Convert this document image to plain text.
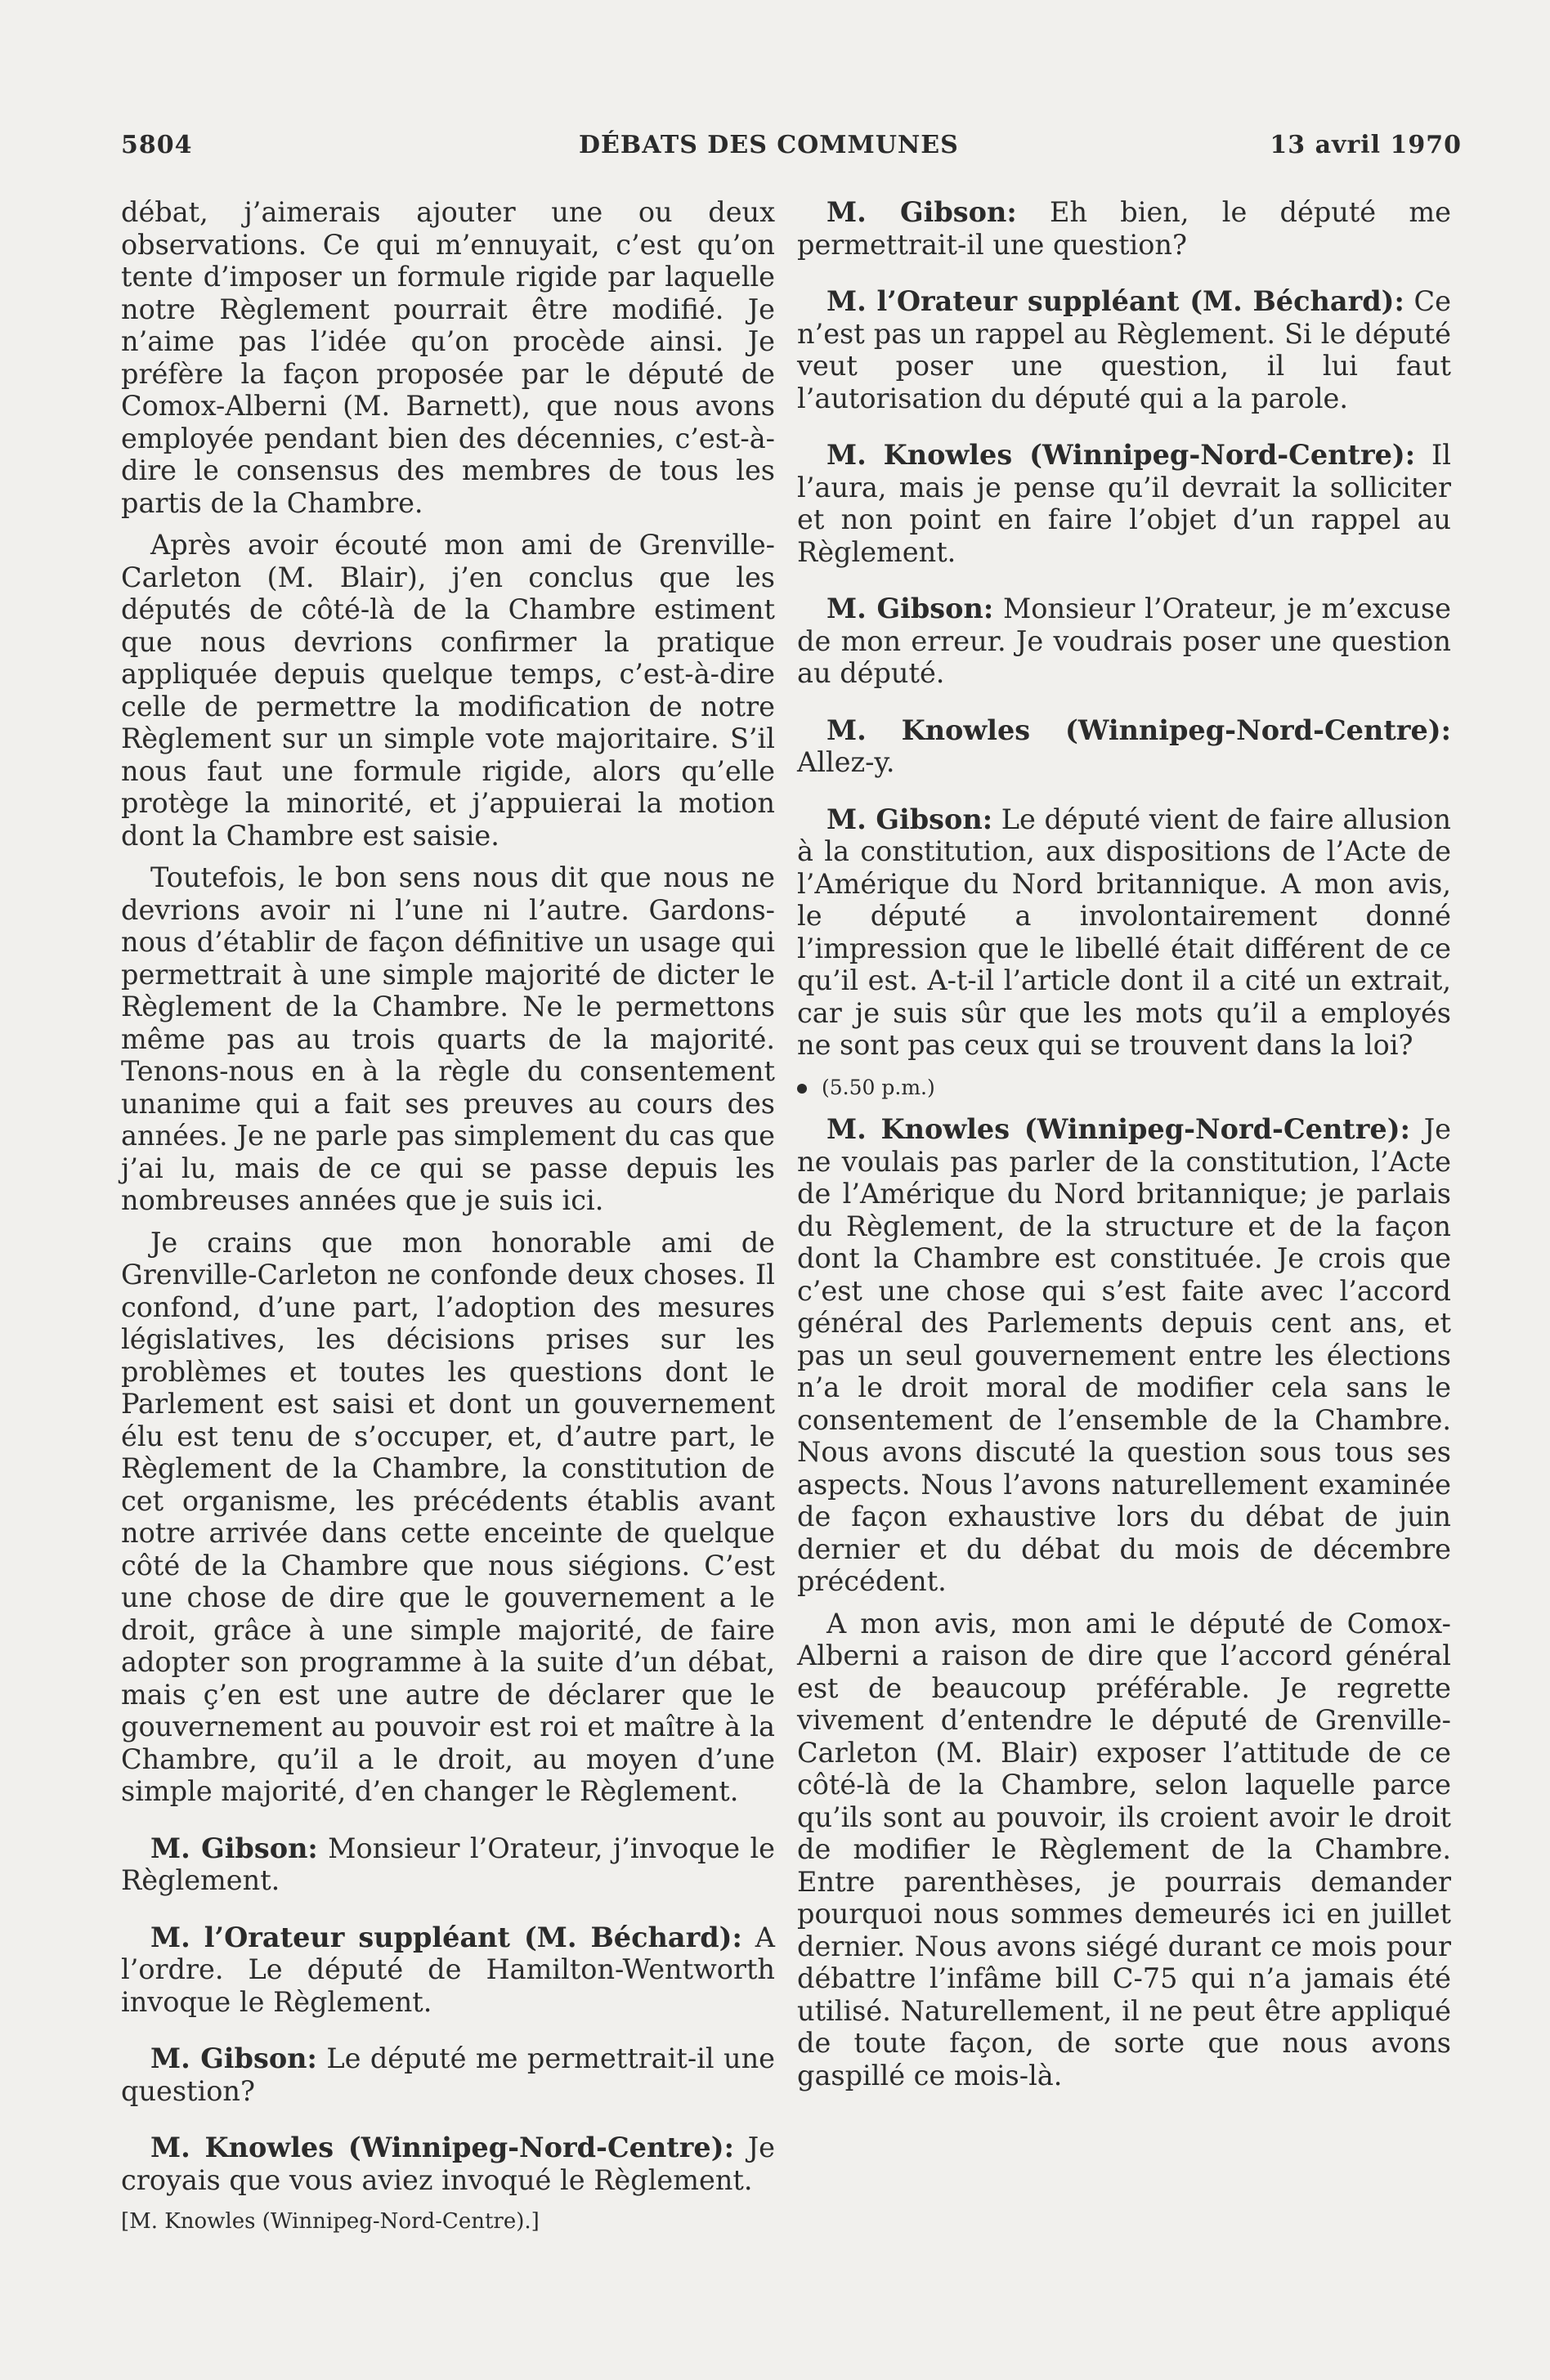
5804	DÉBATS DES COMMUNES	13 avril 1970

débat, j’aimerais ajouter une ou deux observations. Ce qui m’ennuyait, c’est qu’on tente d’imposer un formule rigide par laquelle notre Règlement pourrait être modifié. Je n’aime pas l’idée qu’on procède ainsi. Je préfère la façon proposée par le député de Comox-Alberni (M. Barnett), que nous avons employée pendant bien des décennies, c’est-à-dire le consensus des membres de tous les partis de la Chambre.

Après avoir écouté mon ami de Grenville-Carleton (M. Blair), j’en conclus que les députés de côté-là de la Chambre estiment que nous devrions confirmer la pratique appliquée depuis quelque temps, c’est-à-dire celle de permettre la modification de notre Règlement sur un simple vote majoritaire. S’il nous faut une formule rigide, alors qu’elle protège la minorité, et j’appuierai la motion dont la Chambre est saisie.

Toutefois, le bon sens nous dit que nous ne devrions avoir ni l’une ni l’autre. Gardons-nous d’établir de façon définitive un usage qui permettrait à une simple majorité de dicter le Règlement de la Chambre. Ne le permettons même pas au trois quarts de la majorité. Tenons-nous en à la règle du consentement unanime qui a fait ses preuves au cours des années. Je ne parle pas simplement du cas que j’ai lu, mais de ce qui se passe depuis les nombreuses années que je suis ici.

Je crains que mon honorable ami de Grenville-Carleton ne confonde deux choses. Il confond, d’une part, l’adoption des mesures législatives, les décisions prises sur les problèmes et toutes les questions dont le Parlement est saisi et dont un gouvernement élu est tenu de s’occuper, et, d’autre part, le Règlement de la Chambre, la constitution de cet organisme, les précédents établis avant notre arrivée dans cette enceinte de quelque côté de la Chambre que nous siégions. C’est une chose de dire que le gouvernement a le droit, grâce à une simple majorité, de faire adopter son programme à la suite d’un débat, mais ç’en est une autre de déclarer que le gouvernement au pouvoir est roi et maître à la Chambre, qu’il a le droit, au moyen d’une simple majorité, d’en changer le Règlement.

M. Gibson: Monsieur l’Orateur, j’invoque le Règlement.

M. l’Orateur suppléant (M. Béchard): A l’ordre. Le député de Hamilton-Wentworth invoque le Règlement.

M. Gibson: Le député me permettrait-il une question?

M. Knowles (Winnipeg-Nord-Centre): Je croyais que vous aviez invoqué le Règlement.

[M. Knowles (Winnipeg-Nord-Centre).]

M. Gibson: Eh bien, le député me permettrait-il une question?

M. l’Orateur suppléant (M. Béchard): Ce n’est pas un rappel au Règlement. Si le député veut poser une question, il lui faut l’autorisation du député qui a la parole.

M. Knowles (Winnipeg-Nord-Centre): Il l’aura, mais je pense qu’il devrait la solliciter et non point en faire l’objet d’un rappel au Règlement.

M. Gibson: Monsieur l’Orateur, je m’excuse de mon erreur. Je voudrais poser une question au député.

M. Knowles (Winnipeg-Nord-Centre): Allez-y.

M. Gibson: Le député vient de faire allusion à la constitution, aux dispositions de l’Acte de l’Amérique du Nord britannique. A mon avis, le député a involontairement donné l’impression que le libellé était différent de ce qu’il est. A-t-il l’article dont il a cité un extrait, car je suis sûr que les mots qu’il a employés ne sont pas ceux qui se trouvent dans la loi?

(5.50 p.m.)

M. Knowles (Winnipeg-Nord-Centre): Je ne voulais pas parler de la constitution, l’Acte de l’Amérique du Nord britannique; je parlais du Règlement, de la structure et de la façon dont la Chambre est constituée. Je crois que c’est une chose qui s’est faite avec l’accord général des Parlements depuis cent ans, et pas un seul gouvernement entre les élections n’a le droit moral de modifier cela sans le consentement de l’ensemble de la Chambre. Nous avons discuté la question sous tous ses aspects. Nous l’avons naturellement examinée de façon exhaustive lors du débat de juin dernier et du débat du mois de décembre précédent.

A mon avis, mon ami le député de Comox-Alberni a raison de dire que l’accord général est de beaucoup préférable. Je regrette vivement d’entendre le député de Grenville-Carleton (M. Blair) exposer l’attitude de ce côté-là de la Chambre, selon laquelle parce qu’ils sont au pouvoir, ils croient avoir le droit de modifier le Règlement de la Chambre. Entre parenthèses, je pourrais demander pourquoi nous sommes demeurés ici en juillet dernier. Nous avons siégé durant ce mois pour débattre l’infâme bill C-75 qui n’a jamais été utilisé. Naturellement, il ne peut être appliqué de toute façon, de sorte que nous avons gaspillé ce mois-là.
